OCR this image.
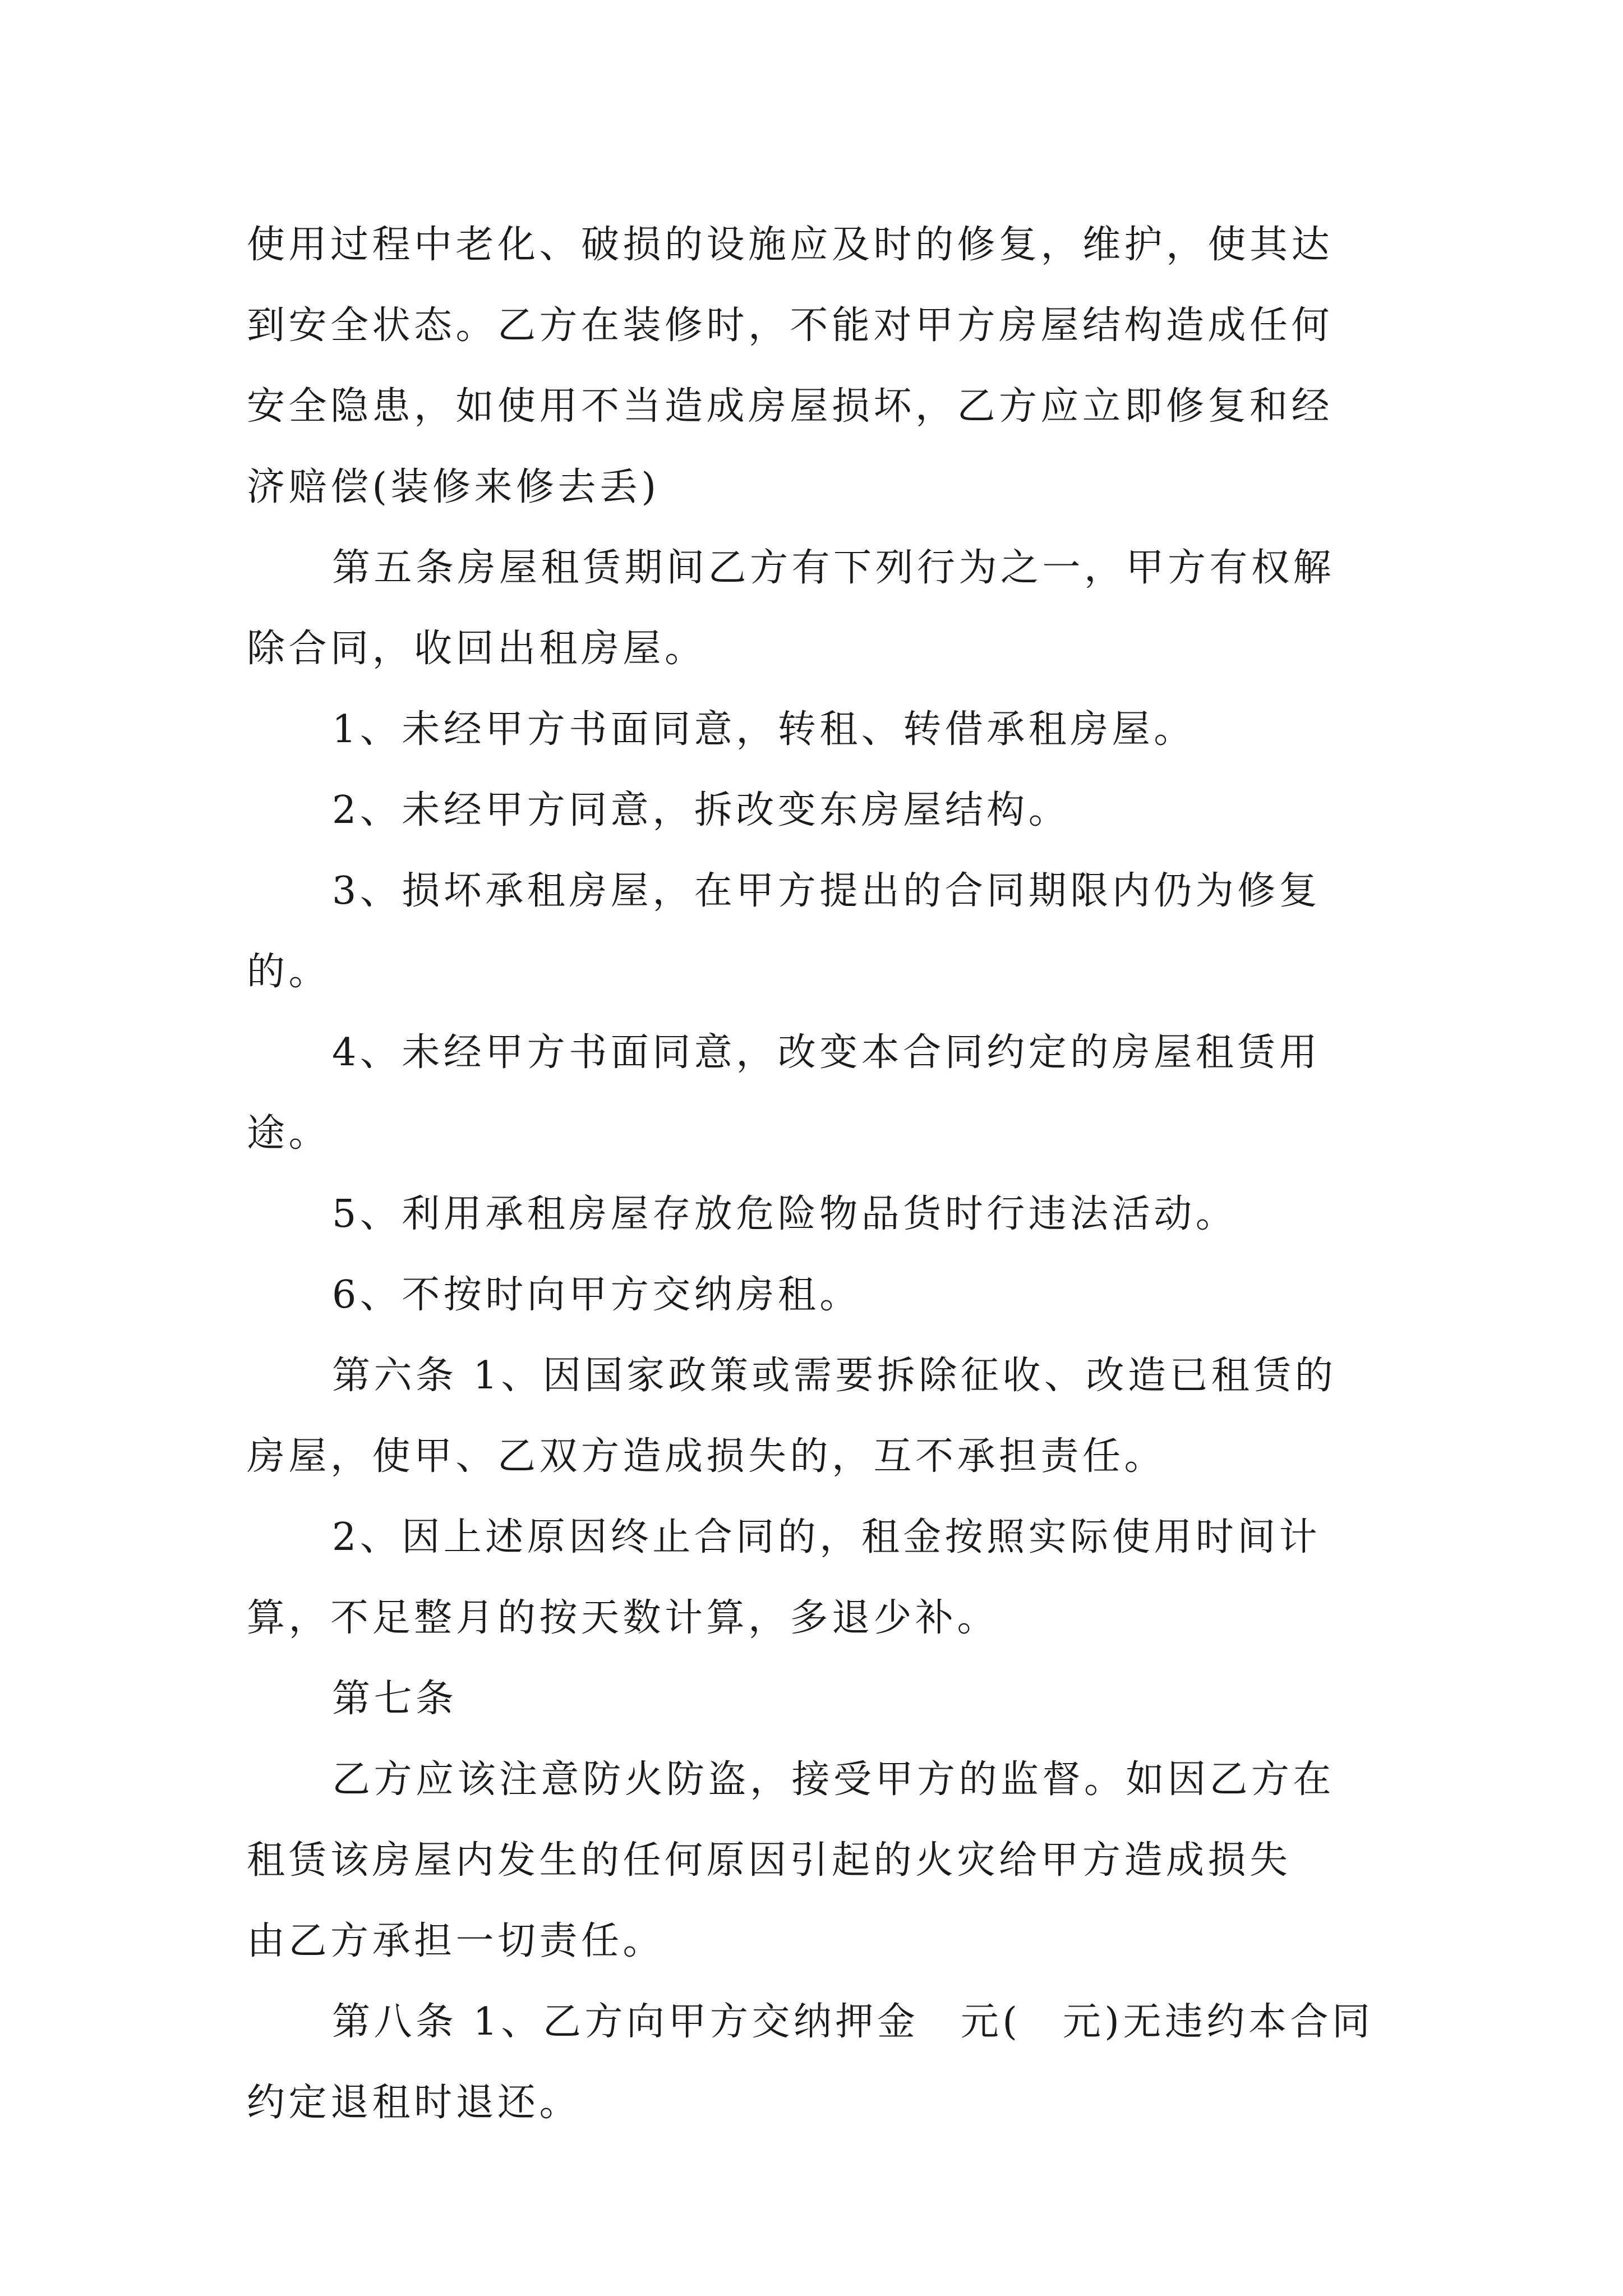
使用过程中老化、破损的设施应及时的修复，维护，使其达
到安全状态。乙方在装修时，不能对甲方房屋结构造成任何
安全隐患，如使用不当造成房屋损坏，乙方应立即修复和经
济赔偿(装修来修去丢)
第五条房屋租赁期间乙方有下列行为之一，甲方有权解
除合同，收回出租房屋。
1、未经甲方书面同意，转租、转借承租房屋。
2、未经甲方同意，拆改变东房屋结构。
3、损坏承租房屋，在甲方提出的合同期限内仍为修复
的。
4、未经甲方书面同意，改变本合同约定的房屋租赁用
途。
5、利用承租房屋存放危险物品货时行违法活动。
6、不按时向甲方交纳房租。
第六条 1、因国家政策或需要拆除征收、改造已租赁的
房屋，使甲、乙双方造成损失的，互不承担责任。
2、因上述原因终止合同的，租金按照实际使用时间计
算，不足整月的按天数计算，多退少补。
第七条
乙方应该注意防火防盗，接受甲方的监督。如因乙方在
租赁该房屋内发生的任何原因引起的火灾给甲方造成损失
由乙方承担一切责任。
第八条 1、乙方向甲方交纳押金　元(　元)无违约本合同
约定退租时退还。
